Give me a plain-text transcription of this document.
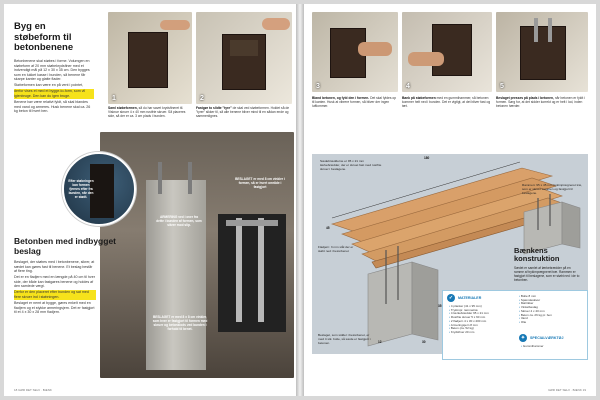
Byg en støbeform til betonbenene
Betonbenene skal støbes i forme. Volumgen en støbeform af 20 mm støbekrydsfiner med et indvendigt mål på 12 x 30 x 35 cm. Den bygges som en lukket kasse i bunden, så benene får skarpe kanter og glatte flader.
Støbeformen kan være en på vent i pointet,
derfor vises et med et bygge-to-form, som vil igienbruge. Den kan du igen bruge.
Benene bør være relativt fyldt, så skal blandes med vand og armeres. Husk benene skal ca. 26 kg beton til hvert ben.
1	2
Saml støbeformen, så du har savet krydsfineret til. Viskrue skruer 4 x 40 mm rustfrie skruer. Så placeres side, så der er ca. 3 cm plads i bunden.
Fastgør to slidte "tyre" de skal ved støbeformen. Holdet så de "tyrer" sikker til, så alle benene bliver mind til en sådan ende og sammenlignes.
BESLAGET er med 8 cm vinkler i formen, så er hvert område i fastgjort
ARMERING ved i over fra dette i bunden af formen, som sikrer mod slip.
BESLAGET er med 8 x 8 cm vinkler, som hver er fastgjort til formen med skruer og betonklods ved bunden i forhold til benet.
Efter støbningen kan formen fjernes efter fra bunden, når den er stødt.
Betonben med indbygget beslag
Beslaget, der støbes med i betonbenene, sikrer, at sædet kan gøres fast til benene. Et beslag består af flere ting.
Det er en fladjern med en længde på 40 cm til hver side, der både kan fastgøres benene og holdes af den samlede vægt.
Derfor er den placeret efter bunden og sat med flere skruer ind i støbningen.
Beslaget er nemt at bygge, gøres enkelt med en fladjern og et stykke armeringsjern. Det er fastgjort til et 4 x 30 x 28 mm fladjern.
18 GØR DET SELV · BÆNK
3	4	5
Bland betonen, og fyld den i formen. Det skal fyldes op til kanten. Husk at vibrere formen, så bliver der ingen luftlommer.
Bank på støbeformen med en gummihammer, så betonen kommer helt ned i bunden. Det er vigtigt, at det bliver fast og tæt.
Beslaget presses på plads i betonen, når betonen er fyldt i formen. Sørg for, at det sidder korrekt og er helt i lod, inden betonen hærder.
180
45
12
35
30
Sædebrædderne er 95 x 21 mm lærkebrædder, der er skruet fast med rustfrie skruer i beslagene.
Rammen: 95 x 45 mm trykimprægneret træ, som er skruet sammen og fastgjort til beslagene.
Fladjern: 3 mm stål der er støbt ned i betonbenet
Beslaget, som sidder i betonbenet, er med 4 stk. bolte, så sæde er fastgjort i betonen.
Bænkens konstruktion
Sædet er samlet af lærkebrædder på en ramme af trykimprægneret træ. Rammen er fastgjort til beslagene, som er støbt ned i de to betonben.
✓	MATERIALER
• 4 planker (41 x 95 mm)
• Trykimpr. rammetræ
• 4 lærkebrædder 95 x 21 mm
• Rustfrie skruer 5 x 60 mm
• 2 fladjern 4 x 30 x 400 mm
• Armeringsjern 8 mm
• Beton (ca. 52 kg)
• Krydsfiner 20 mm
• Bolte 8 mm
• Spændeskiver
• Møtrikker
• Vinkelbeslag
• Skruer 4 x 40 mm
• Beton ca. 26 kg pr. ben
• Vand
• Olie
✦	SPECIALVÆRKTØJ
• Gummihammer
GØR DET SELV · BÆNK 19
